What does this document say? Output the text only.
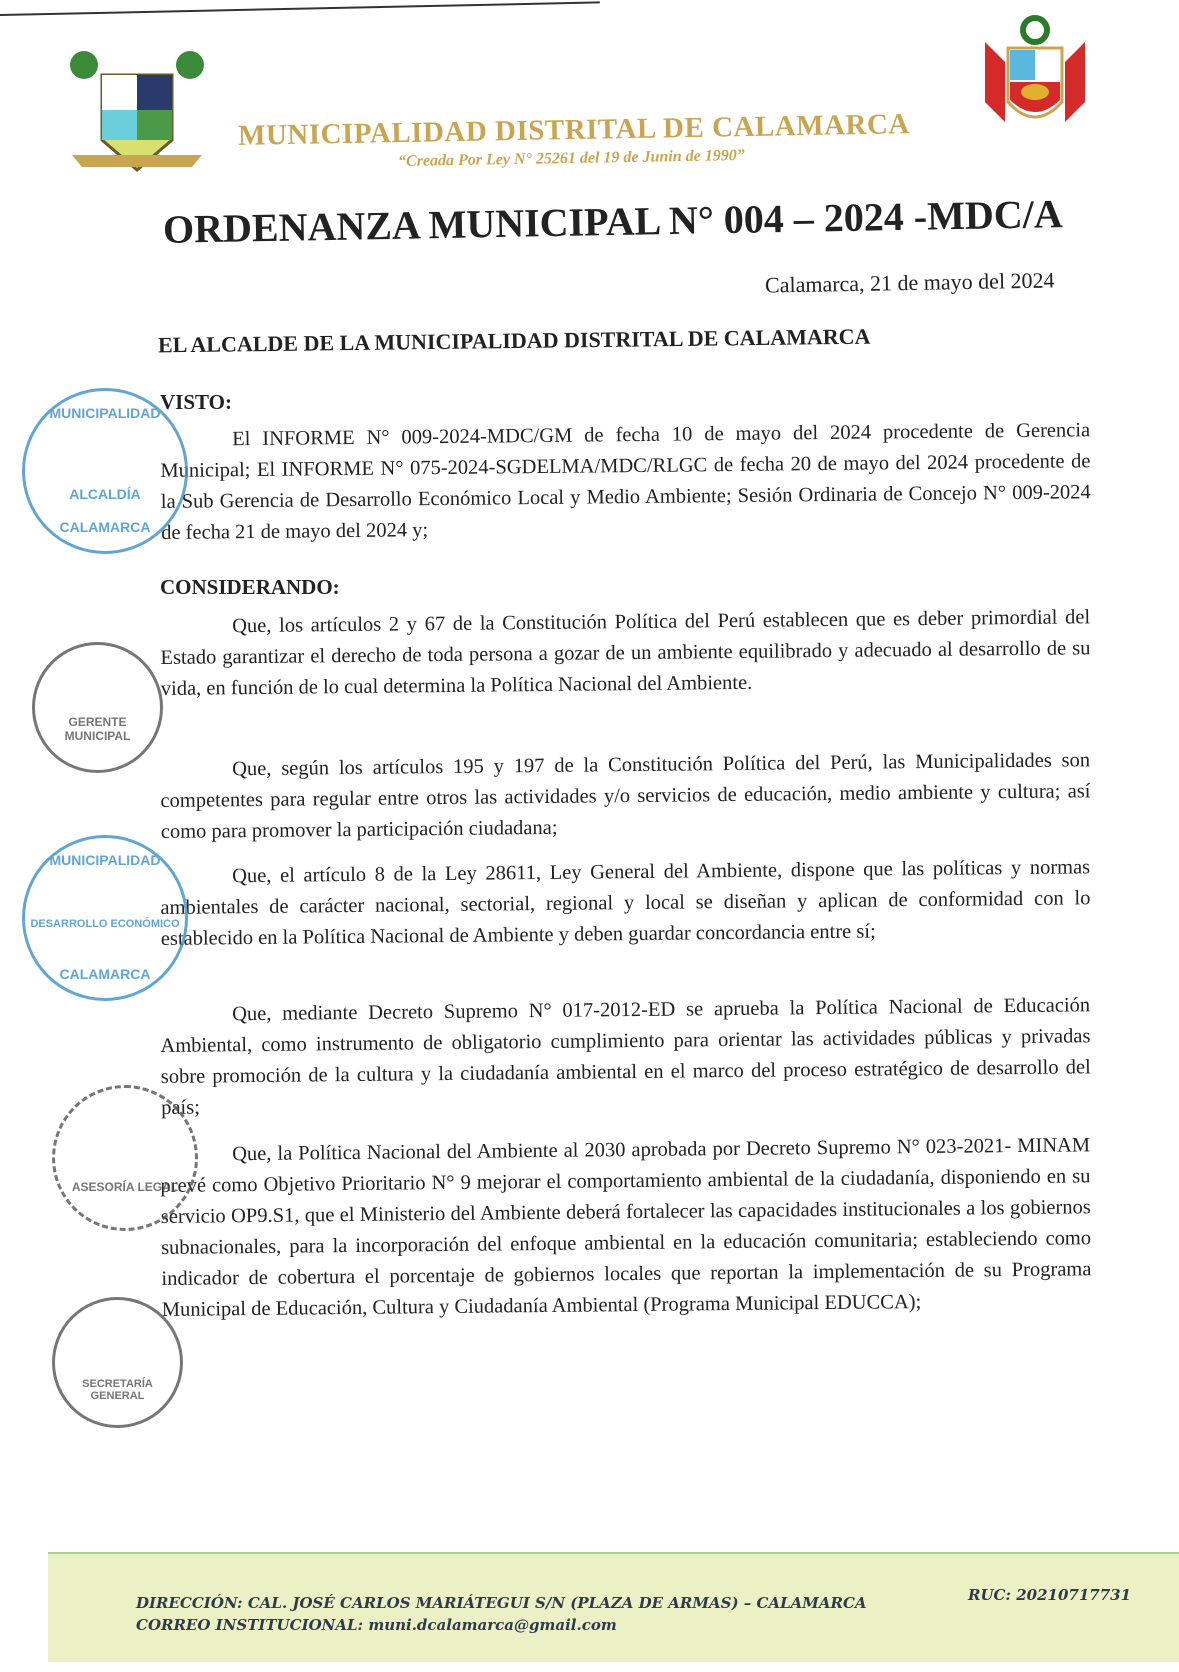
MUNICIPALIDAD DISTRITAL DE CALAMARCA
“Creada Por Ley N° 25261 del 19 de Junin de 1990”
ORDENANZA MUNICIPAL N° 004 – 2024 -MDC/A
Calamarca, 21 de mayo del 2024
EL ALCALDE DE LA MUNICIPALIDAD DISTRITAL DE CALAMARCA
VISTO:
El INFORME N° 009-2024-MDC/GM de fecha 10 de mayo del 2024 procedente de Gerencia Municipal; El INFORME N° 075-2024-SGDELMA/MDC/RLGC de fecha 20 de mayo del 2024 procedente de la Sub Gerencia de Desarrollo Económico Local y Medio Ambiente; Sesión Ordinaria de Concejo N° 009-2024 de fecha 21 de mayo del 2024 y;
CONSIDERANDO:
Que, los artículos 2 y 67 de la Constitución Política del Perú establecen que es deber primordial del Estado garantizar el derecho de toda persona a gozar de un ambiente equilibrado y adecuado al desarrollo de su vida, en función de lo cual determina la Política Nacional del Ambiente.
Que, según los artículos 195 y 197 de la Constitución Política del Perú, las Municipalidades son competentes para regular entre otros las actividades y/o servicios de educación, medio ambiente y cultura; así como para promover la participación ciudadana;
Que, el artículo 8 de la Ley 28611, Ley General del Ambiente, dispone que las políticas y normas ambientales de carácter nacional, sectorial, regional y local se diseñan y aplican de conformidad con lo establecido en la Política Nacional de Ambiente y deben guardar concordancia entre sí;
Que, mediante Decreto Supremo N° 017-2012-ED se aprueba la Política Nacional de Educación Ambiental, como instrumento de obligatorio cumplimiento para orientar las actividades públicas y privadas sobre promoción de la cultura y la ciudadanía ambiental en el marco del proceso estratégico de desarrollo del país;
Que, la Política Nacional del Ambiente al 2030 aprobada por Decreto Supremo N° 023-2021- MINAM prevé como Objetivo Prioritario N° 9 mejorar el comportamiento ambiental de la ciudadanía, disponiendo en su servicio OP9.S1, que el Ministerio del Ambiente deberá fortalecer las capacidades institucionales a los gobiernos subnacionales, para la incorporación del enfoque ambiental en la educación comunitaria; estableciendo como indicador de cobertura el porcentaje de gobiernos locales que reportan la implementación de su Programa Municipal de Educación, Cultura y Ciudadanía Ambiental (Programa Municipal EDUCCA);
MUNICIPALIDAD
ALCALDÍA
CALAMARCA
GERENTE MUNICIPAL
MUNICIPALIDAD
DESARROLLO ECONÓMICO
CALAMARCA
ASESORÍA LEGAL
SECRETARÍA GENERAL
DIRECCIÓN: CAL. JOSÉ CARLOS MARIÁTEGUI S/N (PLAZA DE ARMAS) – CALAMARCA
CORREO INSTITUCIONAL: muni.dcalamarca@gmail.com
RUC: 20210717731
